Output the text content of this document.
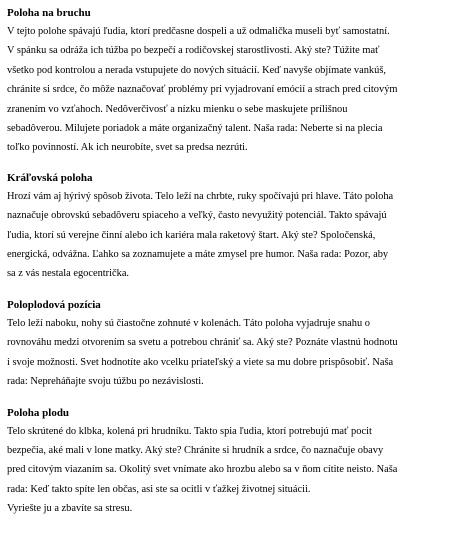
Poloha na bruchu
V tejto polohe spávajú ľudia, ktorí predčasne dospeli a už odmalička museli byť samostatní.
V spánku sa odráža ich túžba po bezpečí a rodičovskej starostlivosti. Aký ste? Túžite mať
všetko pod kontrolou a nerada vstupujete do nových situácií. Keď navyše objímate vankúš,
chránite si srdce, čo môže naznačovať problémy pri vyjadrovaní emócií a strach pred citovým
zranením vo vzťahoch. Nedôverčivosť a nízku mienku o sebe maskujete prílišnou
sebadôverou. Milujete poriadok a máte organizačný talent. Naša rada: Neberte si na plecia
toľko povinností. Ak ich neurobíte, svet sa predsa nezrúti.
Kráľovská poloha
Hrozí vám aj hýrivý spôsob života. Telo leží na chrbte, ruky spočívajú pri hlave. Táto poloha
naznačuje obrovskú sebadôveru spiaceho a veľký, často nevyužitý potenciál. Takto spávajú
ľudia, ktorí sú verejne činní alebo ich kariéra mala raketový štart. Aký ste? Spoločenská,
energická, odvážna. Ľahko sa zoznamujete a máte zmysel pre humor. Naša rada: Pozor, aby
sa z vás nestala egocentrička.
Poloplodová pozícia
Telo leží naboku, nohy sú čiastočne zohnuté v kolenách. Táto poloha vyjadruje snahu o
rovnováhu medzi otvorením sa svetu a potrebou chrániť sa. Aký ste? Poznáte vlastnú hodnotu
i svoje možnosti. Svet hodnotíte ako vcelku priateľský a viete sa mu dobre prispôsobiť. Naša
rada: Nepreháňajte svoju túžbu po nezávislosti.
Poloha plodu
Telo skrútené do klbka, kolená pri hrudníku. Takto spia ľudia, ktorí potrebujú mať pocit
bezpečia, aké mali v lone matky. Aký ste? Chránite si hrudník a srdce, čo naznačuje obavy
pred citovým viazaním sa. Okolitý svet vnímate ako hrozbu alebo sa v ňom cítite neisto. Naša
rada: Keď takto spíte len občas, asi ste sa ocitli v ťažkej životnej situácii.
Vyriešte ju a zbavíte sa stresu.
